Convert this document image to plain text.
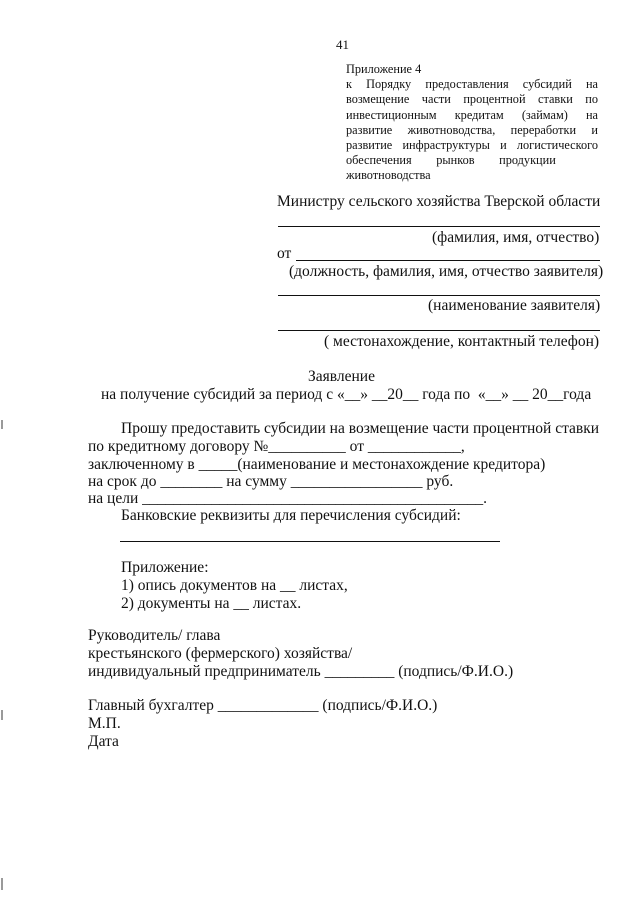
41
Приложение 4
к Порядку предоставления субсидий на
возмещение части процентной ставки по
инвестиционным кредитам (займам) на
развитие животноводства, переработки и
развитие инфраструктуры и логистического
обеспечения        рынков        продукции
животноводства
Министру сельского хозяйства Тверской области
(фамилия, имя, отчество)
от
(должность, фамилия, имя, отчество заявителя)
(наименование заявителя)
( местонахождение, контактный телефон)
Заявление
на получение субсидий за период с «__» __20__ года по  «__» __ 20__года
Прошу предоставить субсидии на возмещение части процентной ставки
по кредитному договору №__________ от ____________,
заключенному в _____(наименование и местонахождение кредитора)
на срок до ________ на сумму _________________ руб.
на цели ____________________________________________.
Банковские реквизиты для перечисления субсидий:
Приложение:
1) опись документов на __ листах,
2) документы на __ листах.
Руководитель/ глава
крестьянского (фермерского) хозяйства/
индивидуальный предприниматель _________ (подпись/Ф.И.О.)
Главный бухгалтер _____________ (подпись/Ф.И.О.)
М.П.
Дата
